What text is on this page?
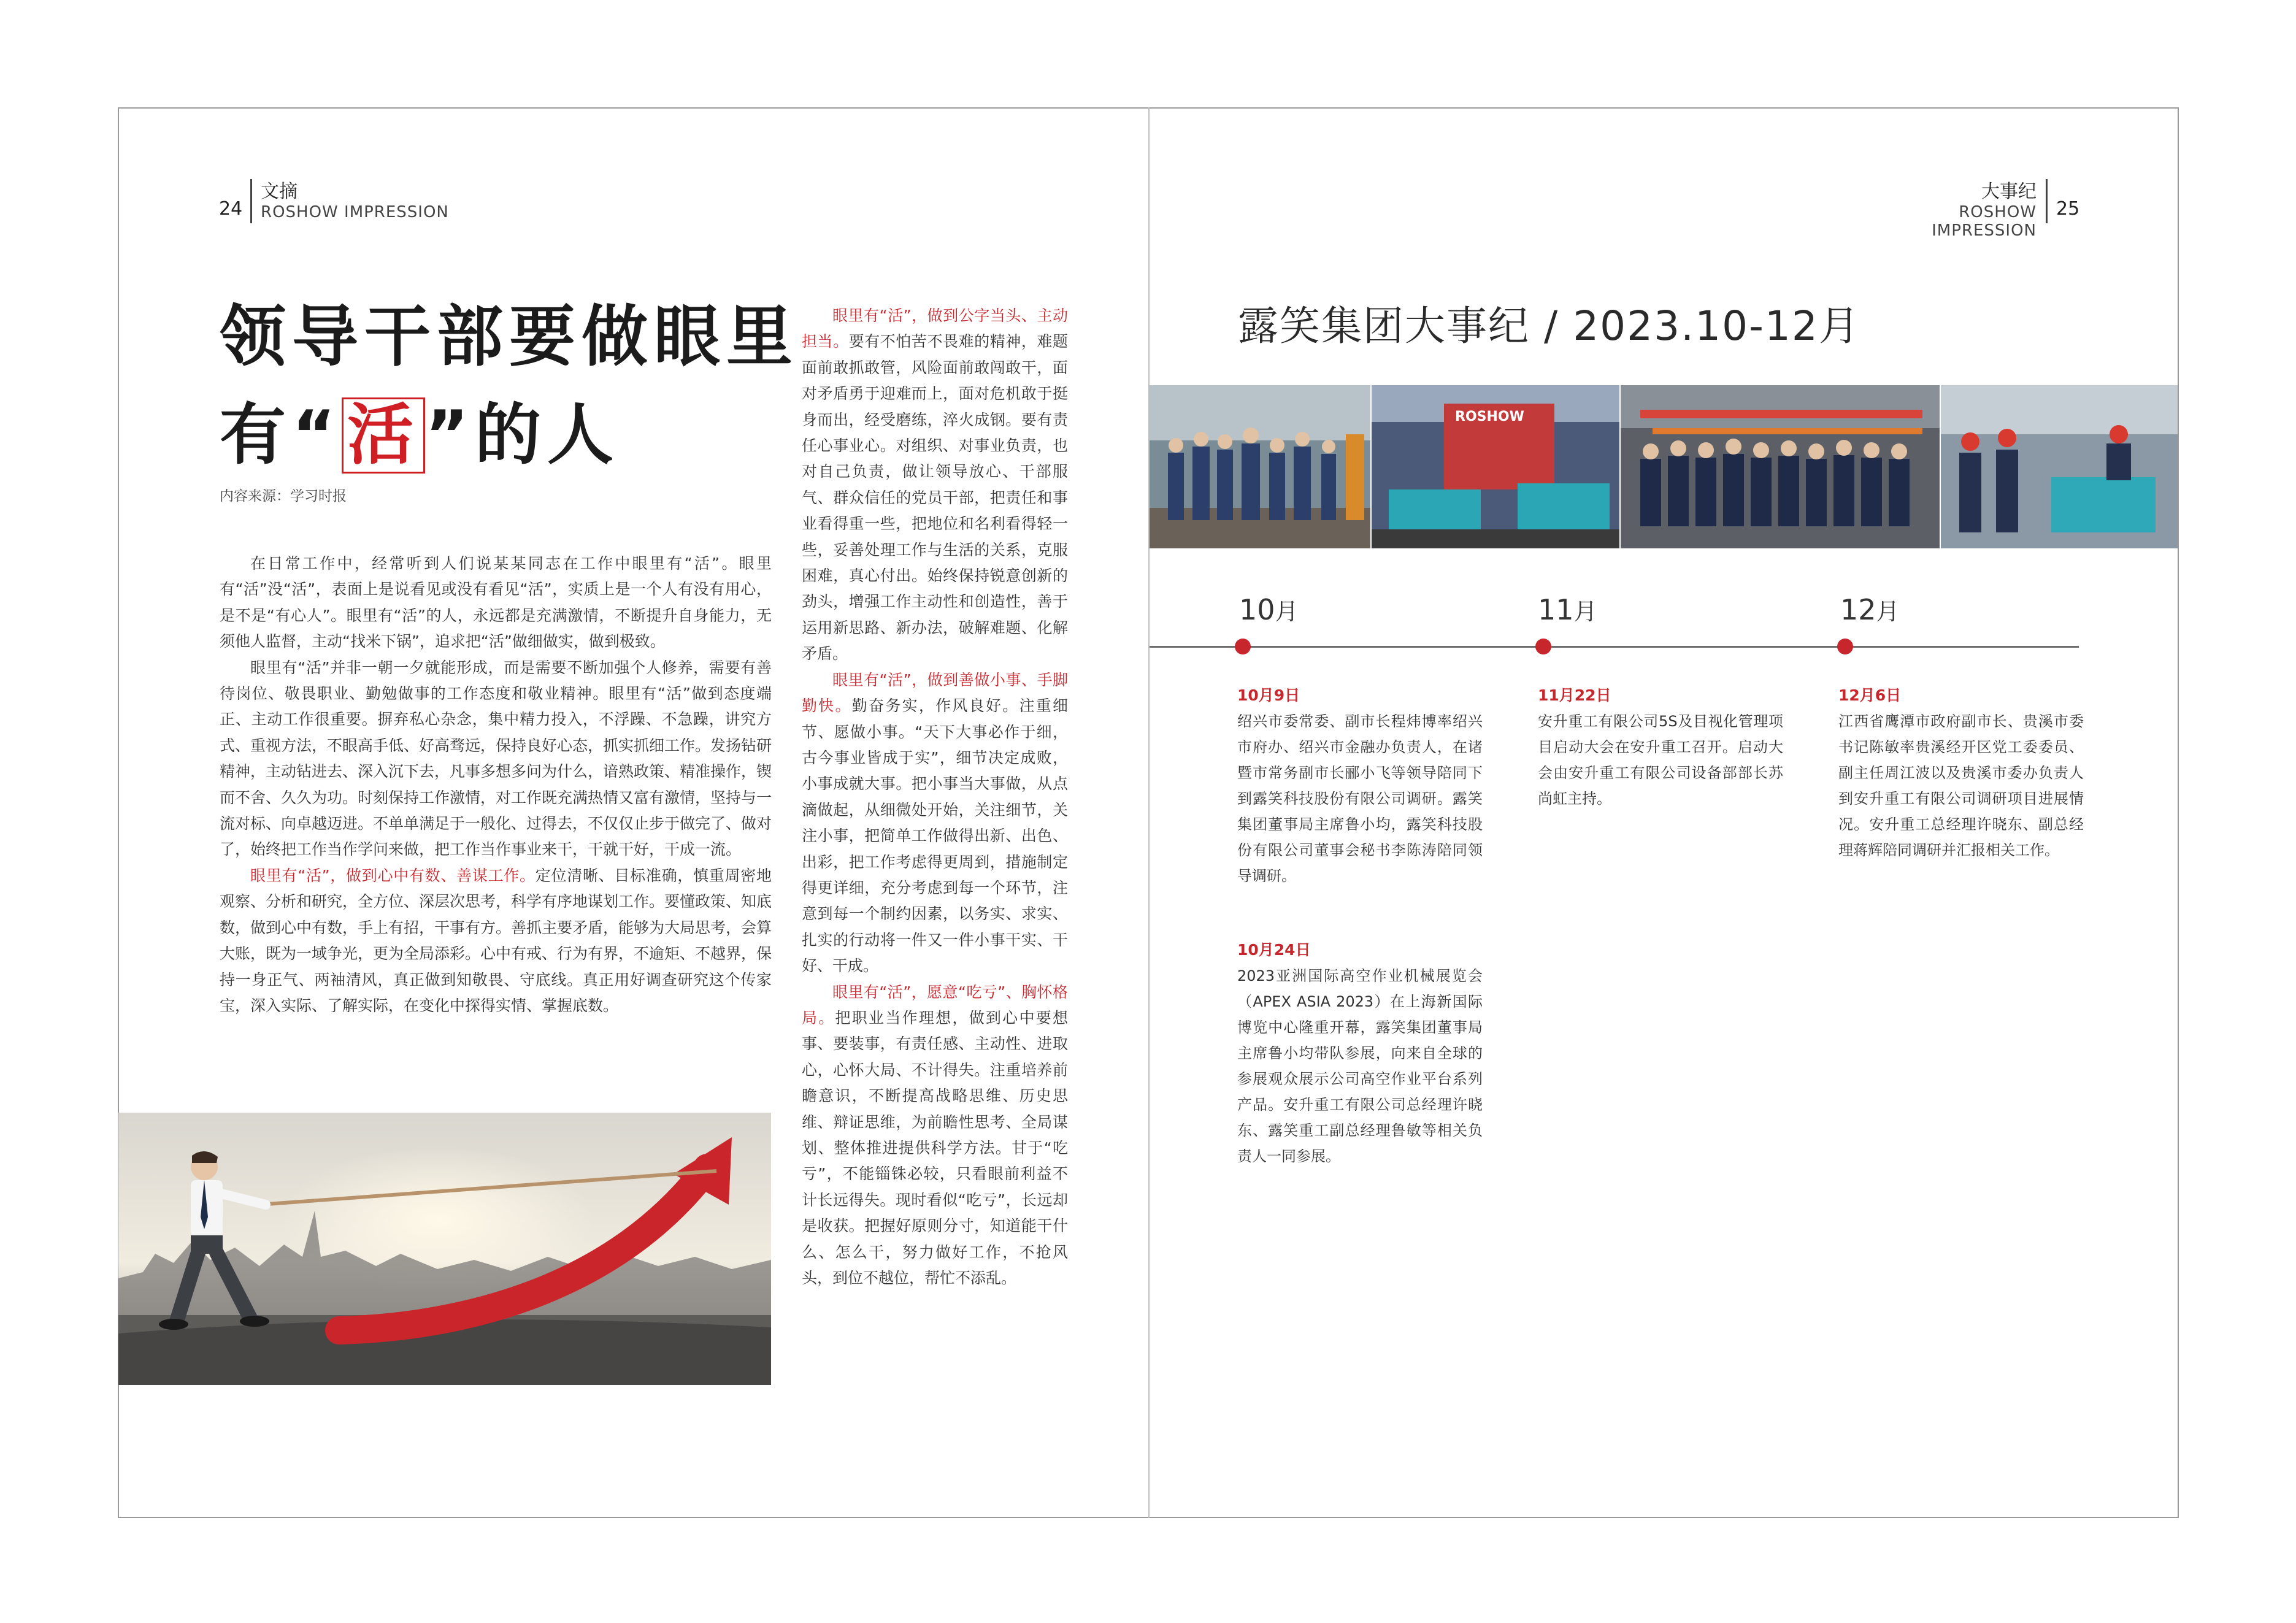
24
文摘
ROSHOW IMPRESSION
领导干部要做眼里
有“活”的人
内容来源：学习时报

在日常工作中，经常听到人们说某某同志在工作中眼里有“活”。眼里有“活”没“活”，表面上是说看见或没有看见“活”，实质上是一个人有没有用心，是不是“有心人”。眼里有“活”的人，永远都是充满激情，不断提升自身能力，无须他人监督，主动“找米下锅”，追求把“活”做细做实，做到极致。

眼里有“活”并非一朝一夕就能形成，而是需要不断加强个人修养，需要有善待岗位、敬畏职业、勤勉做事的工作态度和敬业精神。眼里有“活”做到态度端正、主动工作很重要。摒弃私心杂念，集中精力投入，不浮躁、不急躁，讲究方式、重视方法，不眼高手低、好高骛远，保持良好心态，抓实抓细工作。发扬钻研精神，主动钻进去、深入沉下去，凡事多想多问为什么，谙熟政策、精准操作，锲而不舍、久久为功。时刻保持工作激情，对工作既充满热情又富有激情，坚持与一流对标、向卓越迈进。不单单满足于一般化、过得去，不仅仅止步于做完了、做对了，始终把工作当作学问来做，把工作当作事业来干，干就干好，干成一流。

眼里有“活”，做到心中有数、善谋工作。定位清晰、目标准确，慎重周密地观察、分析和研究，全方位、深层次思考，科学有序地谋划工作。要懂政策、知底数，做到心中有数，手上有招，干事有方。善抓主要矛盾，能够为大局思考，会算大账，既为一域争光，更为全局添彩。心中有戒、行为有界，不逾矩、不越界，保持一身正气、两袖清风，真正做到知敬畏、守底线。真正用好调查研究这个传家宝，深入实际、了解实际，在变化中探得实情、掌握底数。

眼里有“活”，做到公字当头、主动担当。要有不怕苦不畏难的精神，难题面前敢抓敢管，风险面前敢闯敢干，面对矛盾勇于迎难而上，面对危机敢于挺身而出，经受磨练，淬火成钢。要有责任心事业心。对组织、对事业负责，也对自己负责，做让领导放心、干部服气、群众信任的党员干部，把责任和事业看得重一些，把地位和名利看得轻一些，妥善处理工作与生活的关系，克服困难，真心付出。始终保持锐意创新的劲头，增强工作主动性和创造性，善于运用新思路、新办法，破解难题、化解矛盾。

眼里有“活”，做到善做小事、手脚勤快。勤奋务实，作风良好。注重细节、愿做小事。“天下大事必作于细，古今事业皆成于实”，细节决定成败，小事成就大事。把小事当大事做，从点滴做起，从细微处开始，关注细节，关注小事，把简单工作做得出新、出色、出彩，把工作考虑得更周到，措施制定得更详细，充分考虑到每一个环节，注意到每一个制约因素，以务实、求实、扎实的行动将一件又一件小事干实、干好、干成。

眼里有“活”，愿意“吃亏”、胸怀格局。把职业当作理想，做到心中要想事、要装事，有责任感、主动性、进取心，心怀大局、不计得失。注重培养前瞻意识，不断提高战略思维、历史思维、辩证思维，为前瞻性思考、全局谋划、整体推进提供科学方法。甘于“吃亏”，不能锱铢必较，只看眼前利益不计长远得失。现时看似“吃亏”，长远却是收获。把握好原则分寸，知道能干什么、怎么干，努力做好工作，不抢风头，到位不越位，帮忙不添乱。

大事纪
ROSHOW IMPRESSION
25
露笑集团大事纪 / 2023.10-12月
ROSHOW
10月	11月	12月
10月9日
绍兴市委常委、副市长程炜博率绍兴市府办、绍兴市金融办负责人，在诸暨市常务副市长郦小飞等领导陪同下到露笑科技股份有限公司调研。露笑集团董事局主席鲁小均，露笑科技股份有限公司董事会秘书李陈涛陪同领导调研。
10月24日
2023亚洲国际高空作业机械展览会（APEX ASIA 2023）在上海新国际博览中心隆重开幕，露笑集团董事局主席鲁小均带队参展，向来自全球的参展观众展示公司高空作业平台系列产品。安升重工有限公司总经理许晓东、露笑重工副总经理鲁敏等相关负责人一同参展。
11月22日
安升重工有限公司5S及目视化管理项目启动大会在安升重工召开。启动大会由安升重工有限公司设备部部长苏尚虹主持。
12月6日
江西省鹰潭市政府副市长、贵溪市委书记陈敏率贵溪经开区党工委委员、副主任周江波以及贵溪市委办负责人到安升重工有限公司调研项目进展情况。安升重工总经理许晓东、副总经理蒋辉陪同调研并汇报相关工作。
